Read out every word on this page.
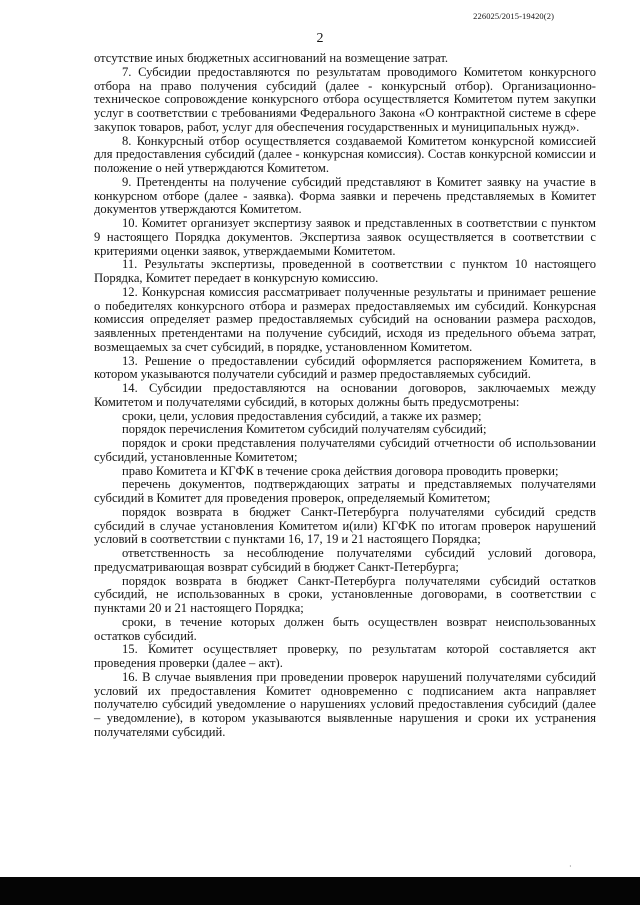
226025/2015-19420(2)
2

отсутствие иных бюджетных ассигнований на возмещение затрат.

7. Субсидии предоставляются по результатам проводимого Комитетом конкурсного отбора на право получения субсидий (далее - конкурсный отбор). Организационно-техническое сопровождение конкурсного отбора осуществляется Комитетом путем закупки услуг в соответствии с требованиями Федерального Закона «О контрактной системе в сфере закупок товаров, работ, услуг для обеспечения государственных и муниципальных нужд».

8. Конкурсный отбор осуществляется создаваемой Комитетом конкурсной комиссией для предоставления субсидий (далее - конкурсная комиссия). Состав конкурсной комиссии и положение о ней утверждаются Комитетом.

9. Претенденты на получение субсидий представляют в Комитет заявку на участие в конкурсном отборе (далее - заявка). Форма заявки и перечень представляемых в Комитет документов утверждаются Комитетом.

10. Комитет организует экспертизу заявок и представленных в соответствии с пунктом 9 настоящего Порядка документов. Экспертиза заявок осуществляется в соответствии с критериями оценки заявок, утверждаемыми Комитетом.

11. Результаты экспертизы, проведенной в соответствии с пунктом 10 настоящего Порядка, Комитет передает в конкурсную комиссию.

12. Конкурсная комиссия рассматривает полученные результаты и принимает решение о победителях конкурсного отбора и размерах предоставляемых им субсидий. Конкурсная комиссия определяет размер предоставляемых субсидий на основании размера расходов, заявленных претендентами на получение субсидий, исходя из предельного объема затрат, возмещаемых за счет субсидий, в порядке, установленном Комитетом.

13. Решение о предоставлении субсидий оформляется распоряжением Комитета, в котором указываются получатели субсидий и размер предоставляемых субсидий.

14. Субсидии предоставляются на основании договоров, заключаемых между Комитетом и получателями субсидий, в которых должны быть предусмотрены:

сроки, цели, условия предоставления субсидий, а также их размер;

порядок перечисления Комитетом субсидий получателям субсидий;

порядок и сроки представления получателями субсидий отчетности об использовании субсидий, установленные Комитетом;

право Комитета и КГФК в течение срока действия договора проводить проверки;

перечень документов, подтверждающих затраты и представляемых получателями субсидий в Комитет для проведения проверок, определяемый Комитетом;

порядок возврата в бюджет Санкт-Петербурга получателями субсидий средств субсидий в случае установления Комитетом и(или) КГФК по итогам проверок нарушений условий в соответствии с пунктами 16, 17, 19 и 21 настоящего Порядка;

ответственность за несоблюдение получателями субсидий условий договора, предусматривающая возврат субсидий в бюджет Санкт-Петербурга;

порядок возврата в бюджет Санкт-Петербурга получателями субсидий остатков субсидий, не использованных в сроки, установленные договорами, в соответствии с пунктами 20 и 21 настоящего Порядка;

сроки, в течение которых должен быть осуществлен возврат неиспользованных остатков субсидий.

15. Комитет осуществляет проверку, по результатам которой составляется акт проведения проверки (далее – акт).

16. В случае выявления при проведении проверок нарушений получателями субсидий условий их предоставления Комитет одновременно с подписанием акта направляет получателю субсидий уведомление о нарушениях условий предоставления субсидий (далее – уведомление), в котором указываются выявленные нарушения и сроки их устранения получателями субсидий.

·
